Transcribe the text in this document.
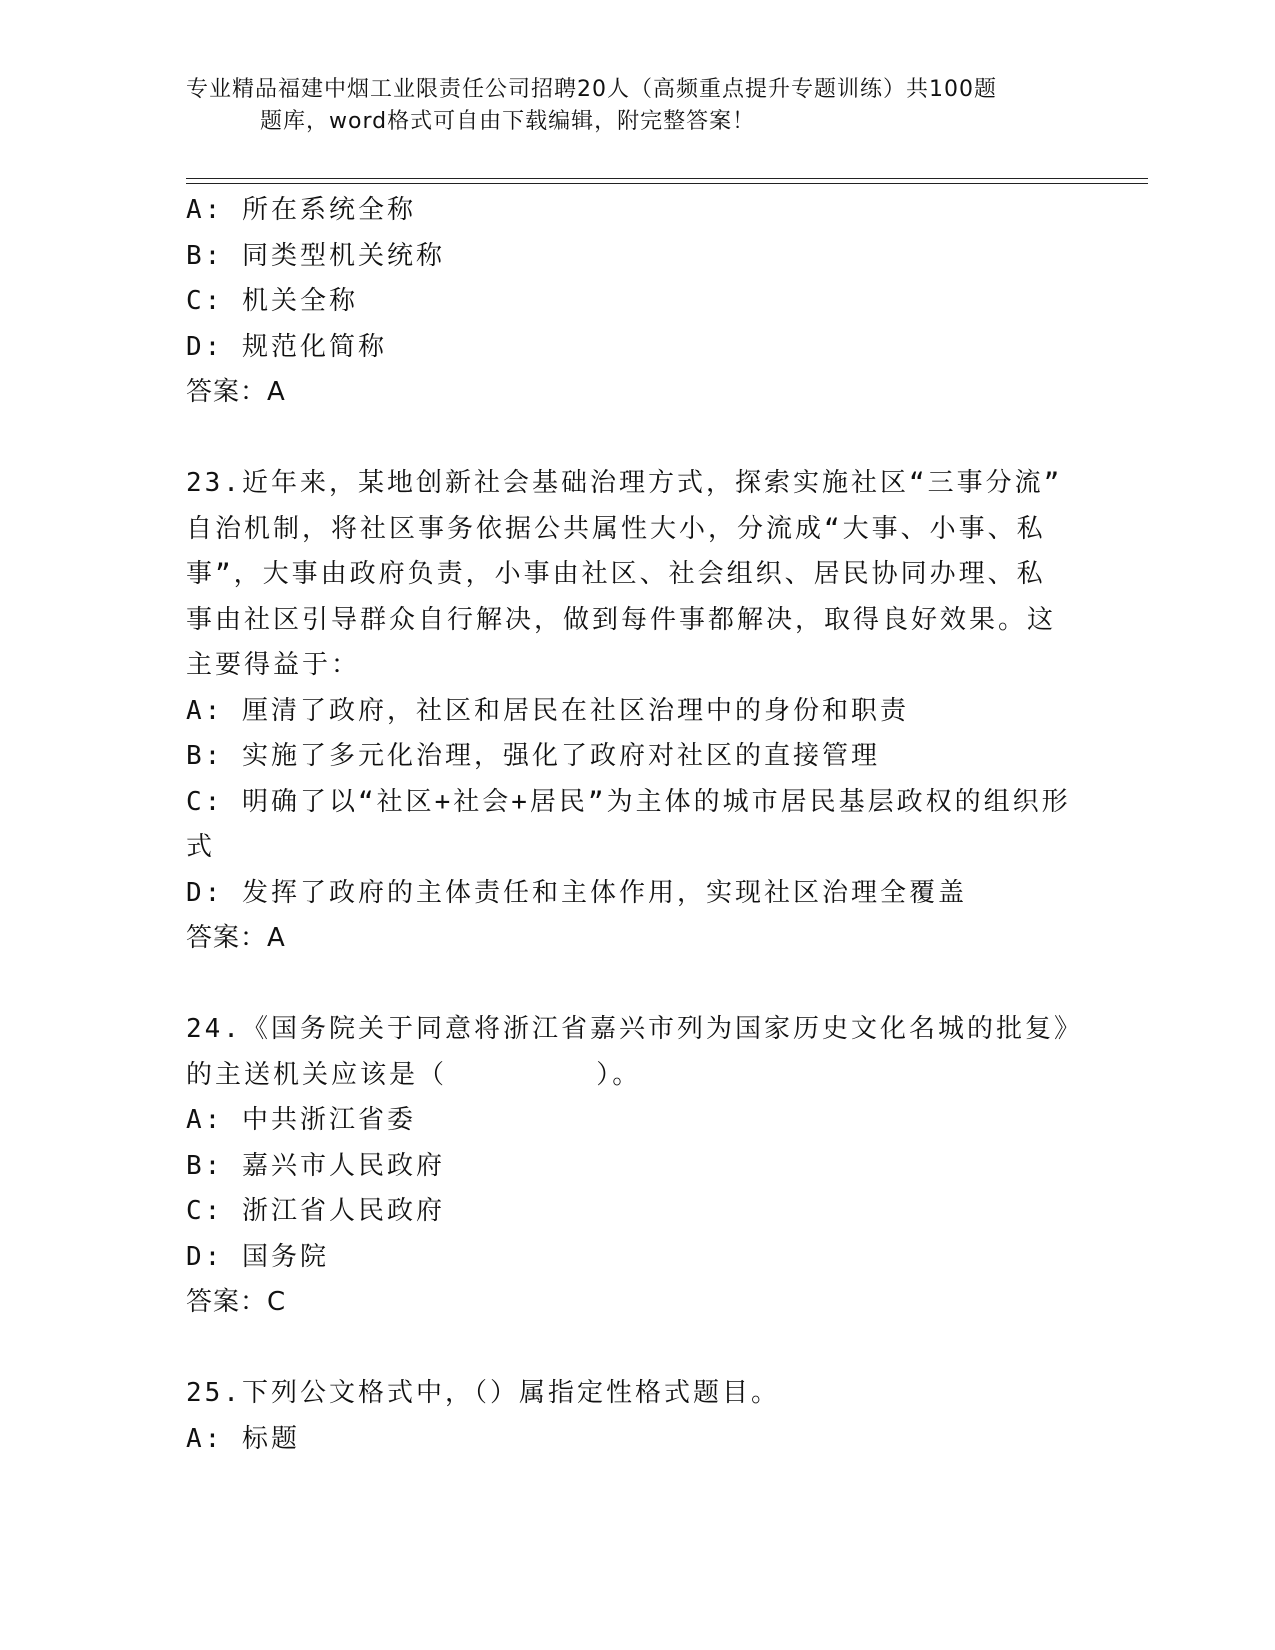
专业精品福建中烟工业限责任公司招聘20人（高频重点提升专题训练）共100题
题库，word格式可自由下载编辑，附完整答案！

A: 所在系统全称

B: 同类型机关统称

C: 机关全称

D: 规范化简称

答案：A

23.近年来，某地创新社会基础治理方式，探索实施社区“三事分流”

自治机制，将社区事务依据公共属性大小，分流成“大事、小事、私

事”，大事由政府负责，小事由社区、社会组织、居民协同办理、私

事由社区引导群众自行解决，做到每件事都解决，取得良好效果。这

主要得益于：

A: 厘清了政府，社区和居民在社区治理中的身份和职责

B: 实施了多元化治理，强化了政府对社区的直接管理

C: 明确了以“社区+社会+居民”为主体的城市居民基层政权的组织形

式

D: 发挥了政府的主体责任和主体作用，实现社区治理全覆盖

答案：A

24.《国务院关于同意将浙江省嘉兴市列为国家历史文化名城的批复》

的主送机关应该是（        ）。

A: 中共浙江省委

B: 嘉兴市人民政府

C: 浙江省人民政府

D: 国务院

答案：C

25.下列公文格式中，（）属指定性格式题目。

A: 标题
